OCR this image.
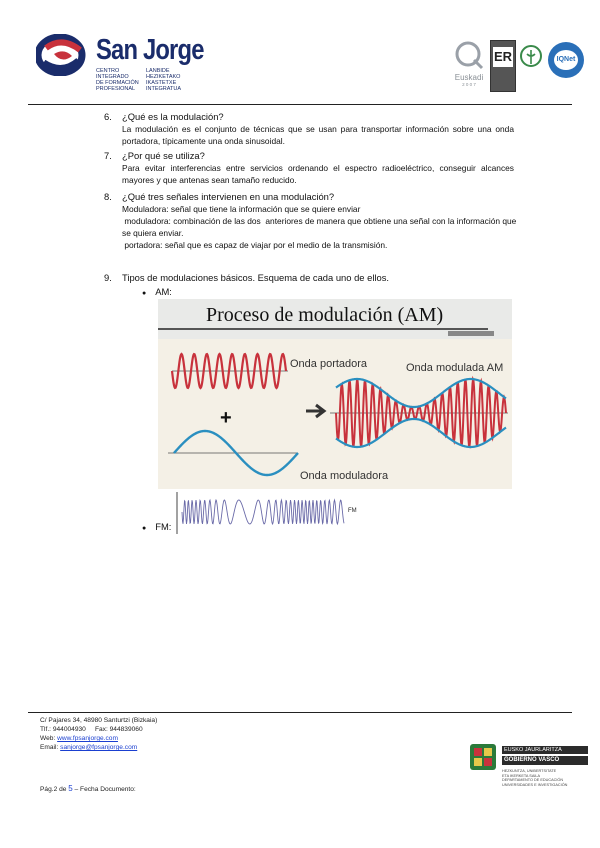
San Jorge
CENTRO
INTEGRADO
DE FORMACIÓN
PROFESIONAL
LANBIDE
HEZIKETAKO
IKASTETXE
INTEGRATUA
Euskadi
2 0 0 7
ER	IQNet
6. ¿Qué es la modulación?
La modulación es el conjunto de técnicas que se usan para transportar información sobre una onda portadora, típicamente una onda sinusoidal.
7. ¿Por qué se utiliza?
Para evitar interferencias entre servicios ordenando el espectro radioeléctrico, conseguir alcances mayores y que antenas sean tamaño reducido.
8. ¿Qué tres señales intervienen en una modulación?
Moduladora: señal que tiene la información que se quiere enviar
moduladora: combinación de las dos  anteriores de manera que obtiene una señal con la información que se quiera enviar.
portadora: señal que es capaz de viajar por el medio de la transmisión.
9. Tipos de modulaciones básicos. Esquema de cada uno de ellos.
● AM:
Proceso de modulación (AM)
Onda portadora
+
Onda moduladora
Onda modulada AM
● FM:
FM
C/ Pajares 34, 48980 Santurtzi (Bizkaia)
Tlf.: 944004930     Fax: 944839060
Web: www.fpsanjorge.com
Email: sanjorge@fpsanjorge.com
Pág.2 de 5 – Fecha Documento:
EUSKO JAURLARITZA
GOBIERNO VASCO
HEZKUNTZA, UNIBERTSITATE
ETA IKERKETA SAILA
DEPARTAMENTO DE EDUCACIÓN
UNIVERSIDADES E INVESTIGACIÓN
